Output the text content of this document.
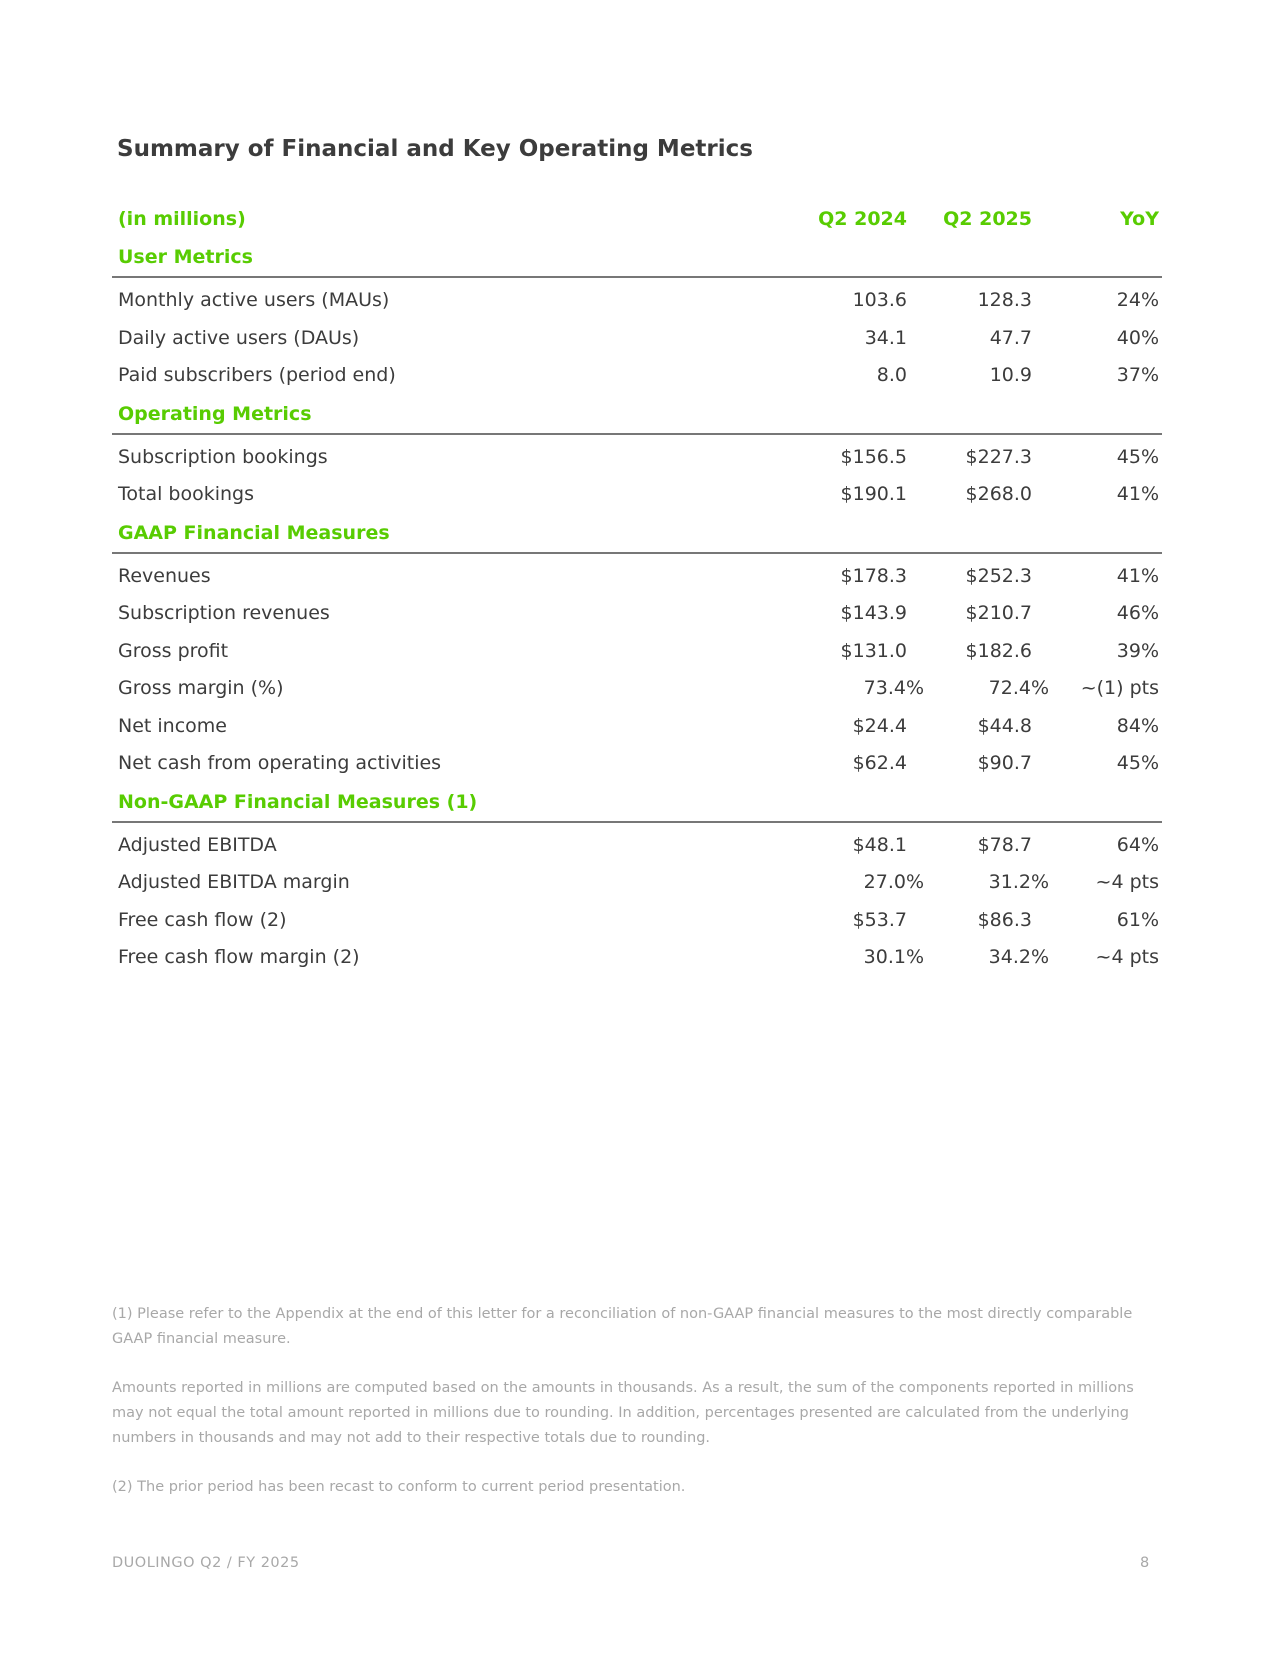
Summary of Financial and Key Operating Metrics
(in millions)	Q2 2024 Q2 2025	YoY
User Metrics
Monthly active users (MAUs)	103.6	128.3	24%
Daily active users (DAUs)	34.1	47.7	40%
Paid subscribers (period end)	8.0	10.9	37%
Operating Metrics
Subscription bookings	$156.5	$227.3	45%
Total bookings	$190.1	$268.0	41%
GAAP Financial Measures
Revenues	$178.3	$252.3	41%
Subscription revenues	$143.9	$210.7	46%
Gross profit	$131.0	$182.6	39%
Gross margin (%)	73.4%	72.4% ~(1) pts
Net income	$24.4	$44.8	84%
Net cash from operating activities	$62.4	$90.7	45%
Non-GAAP Financial Measures (1)
Adjusted EBITDA	$48.1	$78.7	64%
Adjusted EBITDA margin	27.0%	31.2% ~4 pts
Free cash flow (2)	$53.7	$86.3	61%
Free cash flow margin (2)	30.1%	34.2% ~4 pts

(1) Please refer to the Appendix at the end of this letter for a reconciliation of non-GAAP financial measures to the most directly comparable GAAP financial measure.

Amounts reported in millions are computed based on the amounts in thousands. As a result, the sum of the components reported in millions may not equal the total amount reported in millions due to rounding. In addition, percentages presented are calculated from the underlying numbers in thousands and may not add to their respective totals due to rounding.

(2) The prior period has been recast to conform to current period presentation.

DUOLINGO Q2 / FY 2025	8
